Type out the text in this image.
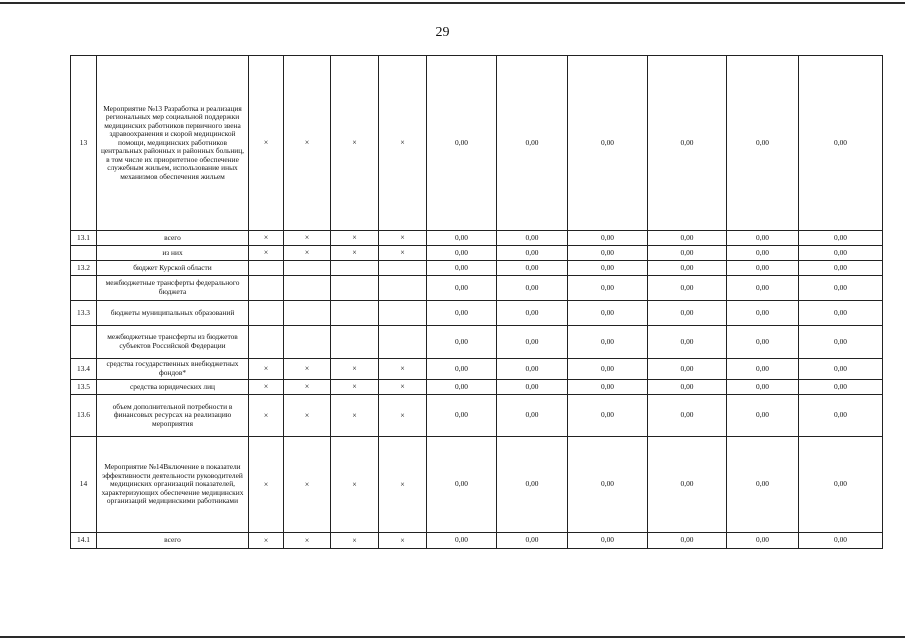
29
13	Мероприятие №13 Разработка и реализация региональных мер социальной поддержки медицинских работников первичного звена здравоохранения и скорой медицинской помощи, медицинских работников центральных районных и районных больниц, в том числе их приоритетное обеспечение служебным жильем, использование иных механизмов обеспечения жильем	×	×	×	×	0,00	0,00	0,00	0,00	0,00	0,00
13.1	всего	×	×	×	×	0,00	0,00	0,00	0,00	0,00	0,00
	из них	×	×	×	×	0,00	0,00	0,00	0,00	0,00	0,00
13.2	бюджет Курской области					0,00	0,00	0,00	0,00	0,00	0,00
	межбюджетные трансферты федерального бюджета					0,00	0,00	0,00	0,00	0,00	0,00
13.3	бюджеты муниципальных образований					0,00	0,00	0,00	0,00	0,00	0,00
	межбюджетные трансферты из бюджетов субъектов Российской Федерации					0,00	0,00	0,00	0,00	0,00	0,00
13.4	средства государственных внебюджетных фондов*	×	×	×	×	0,00	0,00	0,00	0,00	0,00	0,00
13.5	средства юридических лиц	×	×	×	×	0,00	0,00	0,00	0,00	0,00	0,00
13.6	объем дополнительной потребности в финансовых ресурсах на реализацию мероприятия	×	×	×	×	0,00	0,00	0,00	0,00	0,00	0,00
14	Мероприятие №14Включение в показатели эффективности деятельности руководителей медицинских организаций показателей, характеризующих обеспечение медицинских организаций медицинскими работниками	×	×	×	×	0,00	0,00	0,00	0,00	0,00	0,00
14.1	всего	×	×	×	×	0,00	0,00	0,00	0,00	0,00	0,00
